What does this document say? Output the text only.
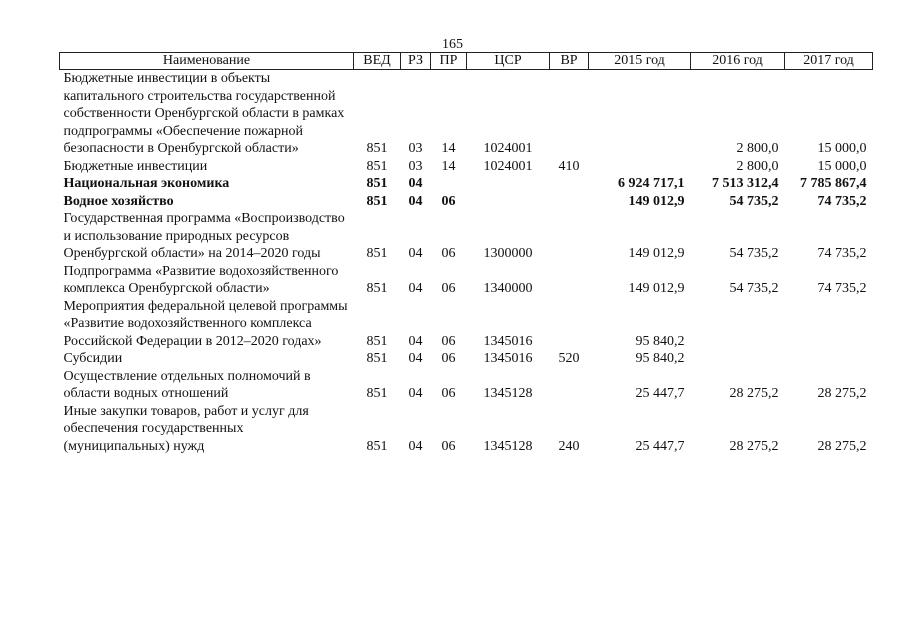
165
Наименование	ВЕД	РЗ	ПР	ЦСР	ВР	2015 год	2016 год	2017 год
Бюджетные инвестиции в объекты капитального строительства государственной собственности Оренбургской области в рамках подпрограммы «Обеспечение пожарной безопасности в Оренбургской области»	851	03	14	1024001			2 800,0	15 000,0
Бюджетные инвестиции	851	03	14	1024001	410		2 800,0	15 000,0
Национальная экономика	851	04				6 924 717,1	7 513 312,4	7 785 867,4
Водное хозяйство	851	04	06			149 012,9	54 735,2	74 735,2
Государственная программа «Воспроизводство и использование природных ресурсов Оренбургской области» на 2014–2020 годы	851	04	06	1300000		149 012,9	54 735,2	74 735,2
Подпрограмма «Развитие водохозяйственного комплекса Оренбургской области»	851	04	06	1340000		149 012,9	54 735,2	74 735,2
Мероприятия федеральной целевой программы «Развитие водохозяйственного комплекса Российской Федерации в 2012–2020 годах»	851	04	06	1345016		95 840,2		
Субсидии	851	04	06	1345016	520	95 840,2		
Осуществление отдельных полномочий в области водных отношений	851	04	06	1345128		25 447,7	28 275,2	28 275,2
Иные закупки товаров, работ и услуг для обеспечения государственных (муниципальных) нужд	851	04	06	1345128	240	25 447,7	28 275,2	28 275,2
